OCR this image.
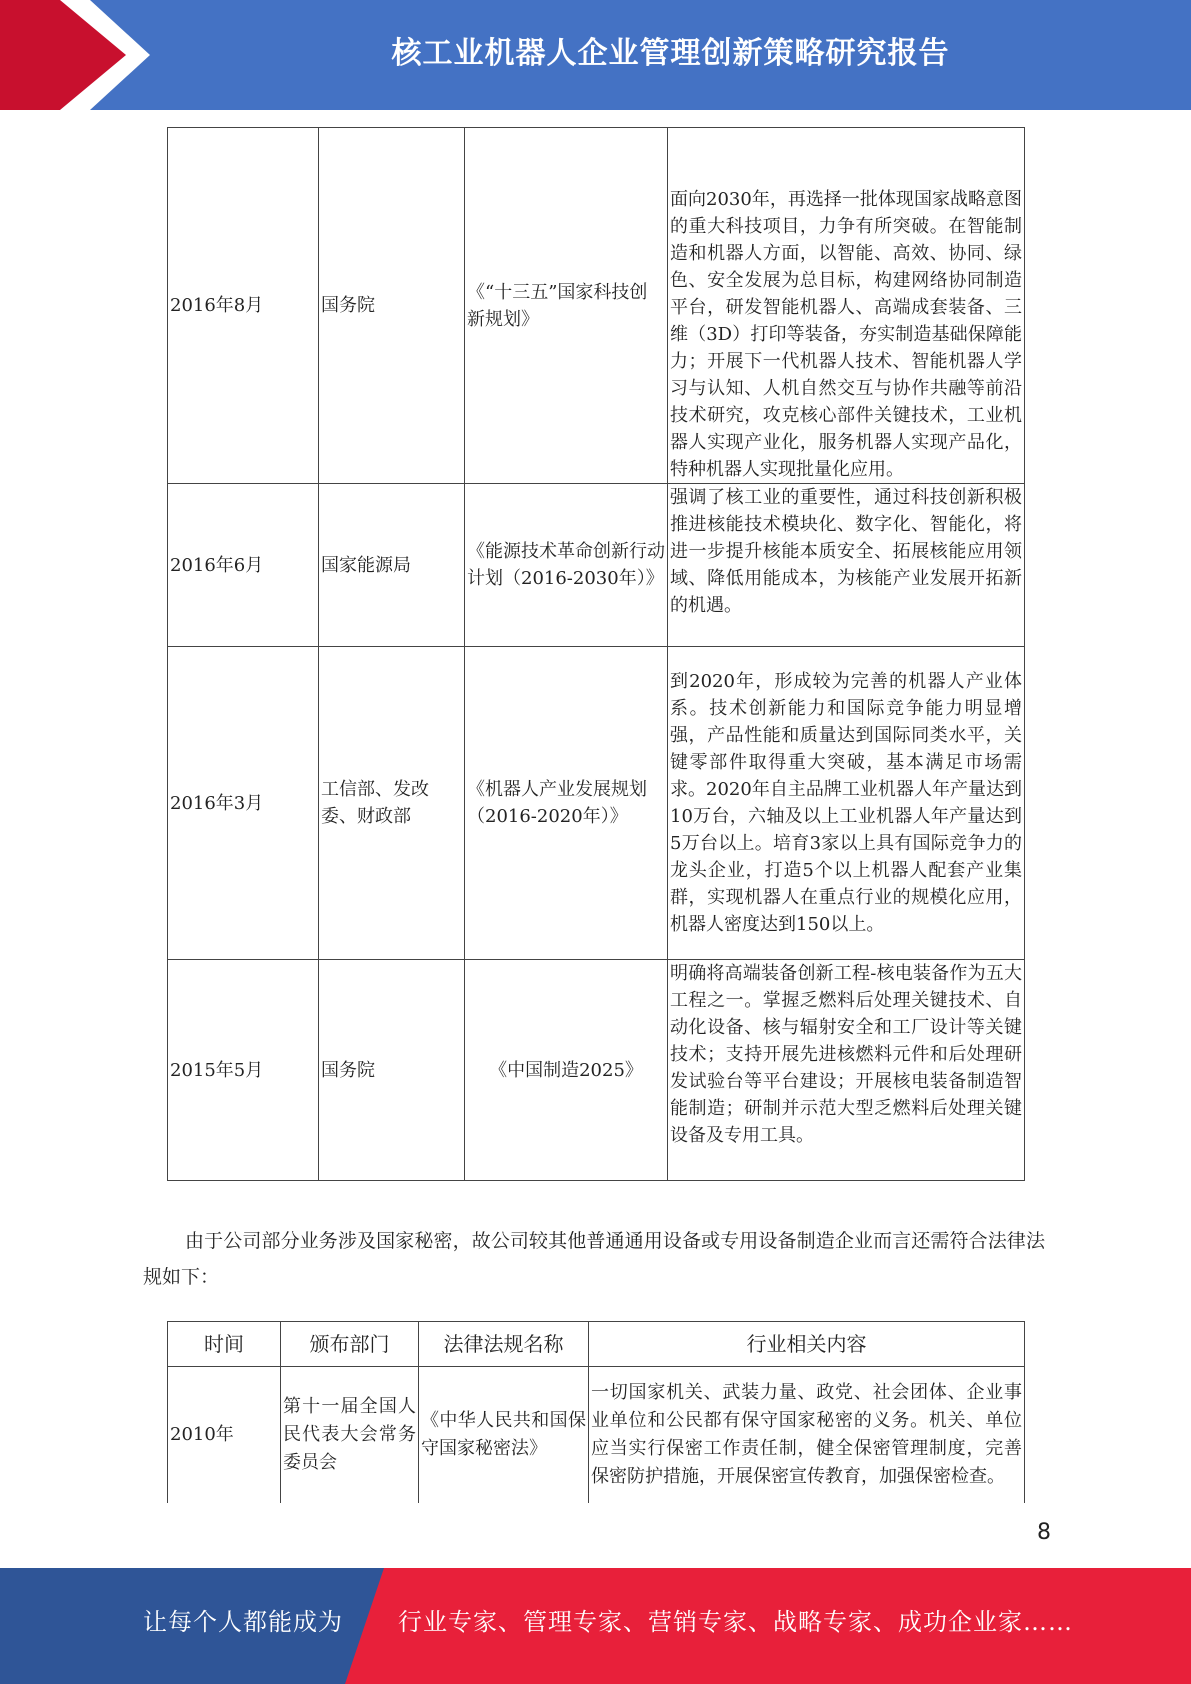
核工业机器人企业管理创新策略研究报告
2016年8月	国务院	《“十三五”国家科技创新规划》	面向2030年，再选择一批体现国家战略意图的重大科技项目，力争有所突破。在智能制造和机器人方面，以智能、高效、协同、绿色、安全发展为总目标，构建网络协同制造平台，研发智能机器人、高端成套装备、三维（3D）打印等装备，夯实制造基础保障能力；开展下一代机器人技术、智能机器人学习与认知、人机自然交互与协作共融等前沿技术研究，攻克核心部件关键技术，工业机器人实现产业化，服务机器人实现产品化，特种机器人实现批量化应用。
2016年6月	国家能源局	《能源技术革命创新行动计划（2016-2030年）》	强调了核工业的重要性，通过科技创新积极推进核能技术模块化、数字化、智能化，将进一步提升核能本质安全、拓展核能应用领域、降低用能成本，为核能产业发展开拓新的机遇。
2016年3月	工信部、发改委、财政部	《机器人产业发展规划（2016-2020年）》	到2020年，形成较为完善的机器人产业体系。技术创新能力和国际竞争能力明显增强，产品性能和质量达到国际同类水平，关键零部件取得重大突破，基本满足市场需求。2020年自主品牌工业机器人年产量达到10万台，六轴及以上工业机器人年产量达到5万台以上。培育3家以上具有国际竞争力的龙头企业，打造5个以上机器人配套产业集群，实现机器人在重点行业的规模化应用，机器人密度达到150以上。
2015年5月	国务院	《中国制造2025》	明确将高端装备创新工程-核电装备作为五大工程之一。掌握乏燃料后处理关键技术、自动化设备、核与辐射安全和工厂设计等关键技术；支持开展先进核燃料元件和后处理研发试验台等平台建设；开展核电装备制造智能制造；研制并示范大型乏燃料后处理关键设备及专用工具。
由于公司部分业务涉及国家秘密，故公司较其他普通通用设备或专用设备制造企业而言还需符合法律法规如下：
时间	颁布部门	法律法规名称	行业相关内容
2010年	第十一届全国人民代表大会常务委员会	《中华人民共和国保守国家秘密法》	一切国家机关、武装力量、政党、社会团体、企业事业单位和公民都有保守国家秘密的义务。机关、单位应当实行保密工作责任制，健全保密管理制度，完善保密防护措施，开展保密宣传教育，加强保密检查。
8
让每个人都能成为 行业专家、管理专家、营销专家、战略专家、成功企业家……
